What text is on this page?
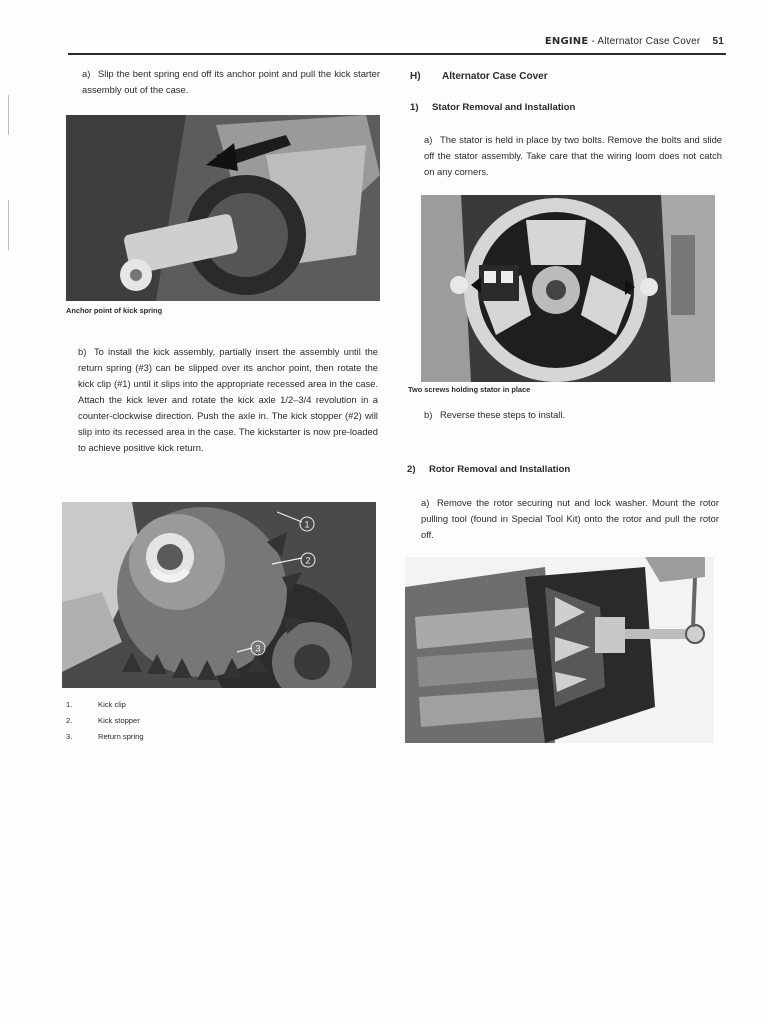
ENGINE - Alternator Case Cover 51
a) Slip the bent spring end off its anchor point and pull the kick starter assembly out of the case.
Anchor point of kick spring
b) To install the kick assembly, partially insert the assembly until the return spring (#3) can be slipped over its anchor point, then rotate the kick clip (#1) until it slips into the appropriate recessed area in the case. Attach the kick lever and rotate the kick axle 1/2–3/4 revolution in a counter-clockwise direction. Push the axle in. The kick stopper (#2) will slip into its recessed area in the case. The kickstarter is now pre-loaded to achieve positive kick return.
1
2
3
1.	Kick clip
2.	Kick stopper
3.	Return spring
H) Alternator Case Cover
1) Stator Removal and Installation
a) The stator is held in place by two bolts. Remove the bolts and slide off the stator assembly. Take care that the wiring loom does not catch on any corners.
Two screws holding stator in place
b) Reverse these steps to install.
2) Rotor Removal and Installation
a) Remove the rotor securing nut and lock washer. Mount the rotor pulling tool (found in Special Tool Kit) onto the rotor and pull the rotor off.
